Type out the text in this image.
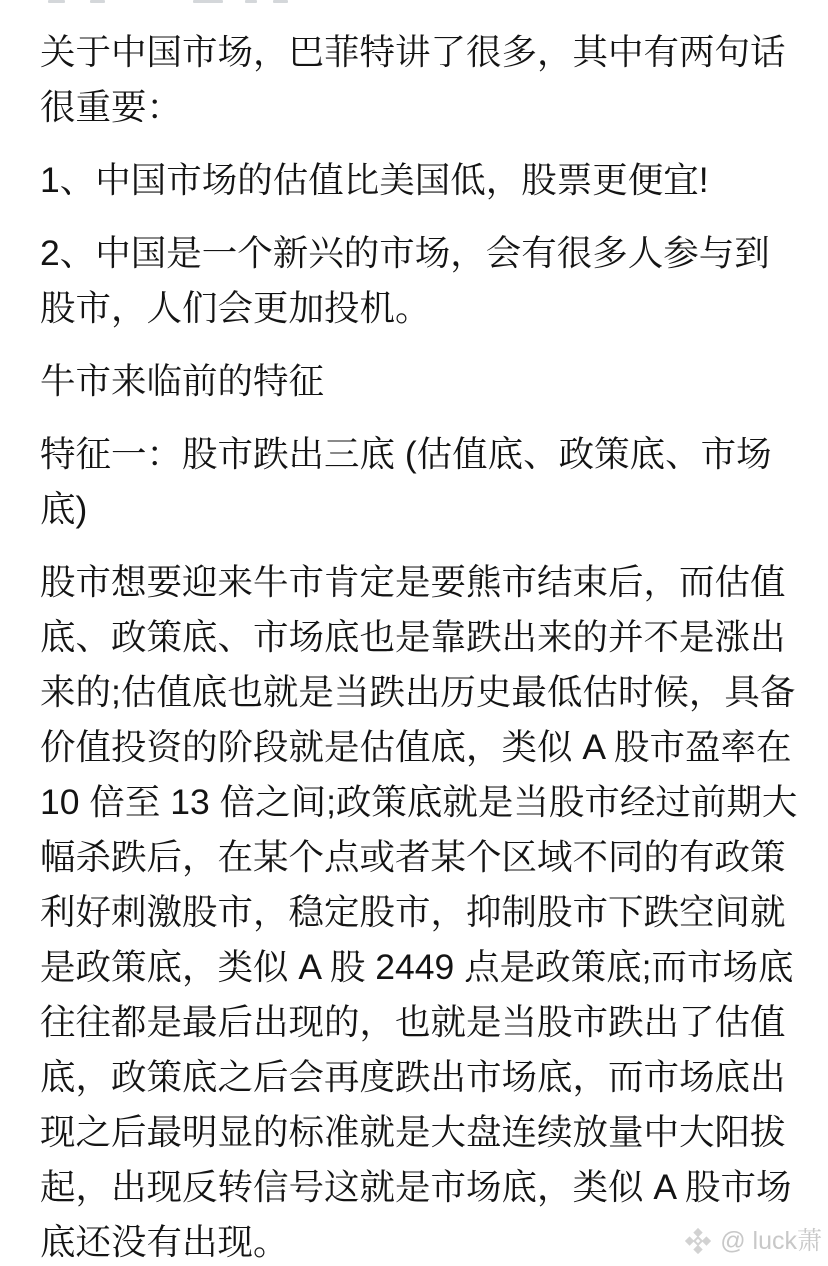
关于中国市场，巴菲特讲了很多，其中有两句话
很重要：
1、中国市场的估值比美国低，股票更便宜!
2、中国是一个新兴的市场，会有很多人参与到
股市，人们会更加投机。
牛市来临前的特征
特征一：股市跌出三底 (估值底、政策底、市场
底)
股市想要迎来牛市肯定是要熊市结束后，而估值
底、政策底、市场底也是靠跌出来的并不是涨出
来的;估值底也就是当跌出历史最低估时候，具备
价值投资的阶段就是估值底，类似 A 股市盈率在
10 倍至 13 倍之间;政策底就是当股市经过前期大
幅杀跌后，在某个点或者某个区域不同的有政策
利好刺激股市，稳定股市，抑制股市下跌空间就
是政策底，类似 A 股 2449 点是政策底;而市场底
往往都是最后出现的，也就是当股市跌出了估值
底，政策底之后会再度跌出市场底，而市场底出
现之后最明显的标准就是大盘连续放量中大阳拔
起，出现反转信号这就是市场底，类似 A 股市场
底还没有出现。	@ luck萧
